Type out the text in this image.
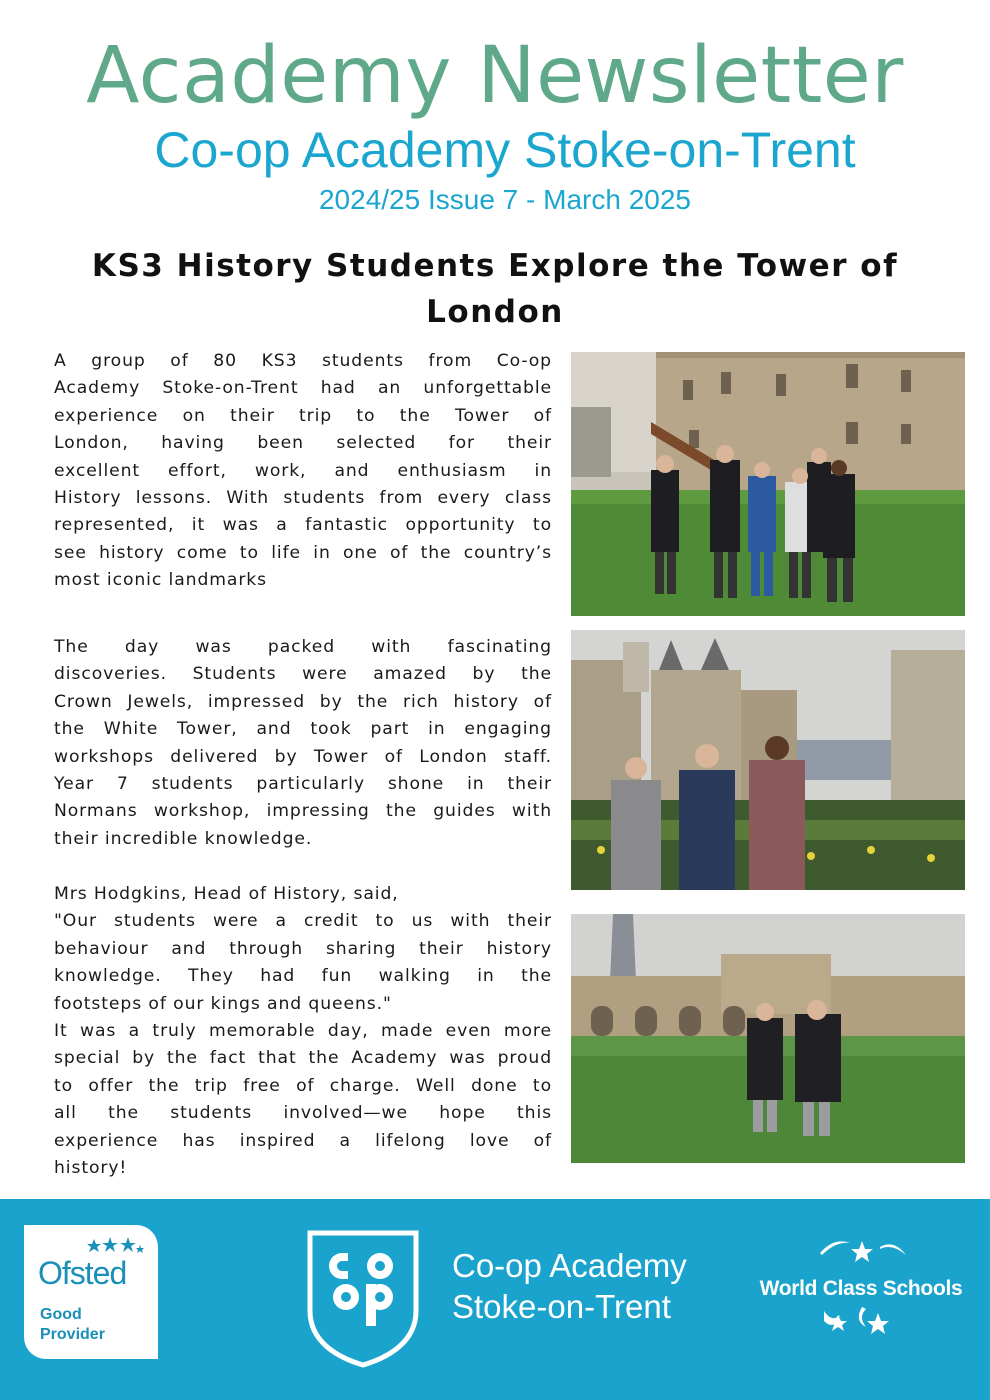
Academy Newsletter
Co-op Academy Stoke-on-Trent
2024/25 Issue 7 - March 2025
KS3 History Students Explore the Tower of London
A group of 80 KS3 students from Co-op
Academy Stoke-on-Trent had an unforgettable
experience on their trip to the Tower of
London, having been selected for their
excellent effort, work, and enthusiasm in
History lessons. With students from every class
represented, it was a fantastic opportunity to
see history come to life in one of the country’s
most iconic landmarks
The day was packed with fascinating
discoveries. Students were amazed by the
Crown Jewels, impressed by the rich history of
the White Tower, and took part in engaging
workshops delivered by Tower of London staff.
Year 7 students particularly shone in their
Normans workshop, impressing the guides with
their incredible knowledge.
Mrs Hodgkins, Head of History, said,
"Our students were a credit to us with their
behaviour and through sharing their history
knowledge. They had fun walking in the
footsteps of our kings and queens."
It was a truly memorable day, made even more
special by the fact that the Academy was proud
to offer the trip free of charge. Well done to
all the students involved—we hope this
experience has inspired a lifelong love of
history!
Ofsted
Good
Provider
Co-op Academy
Stoke-on-Trent	World Class Schools
